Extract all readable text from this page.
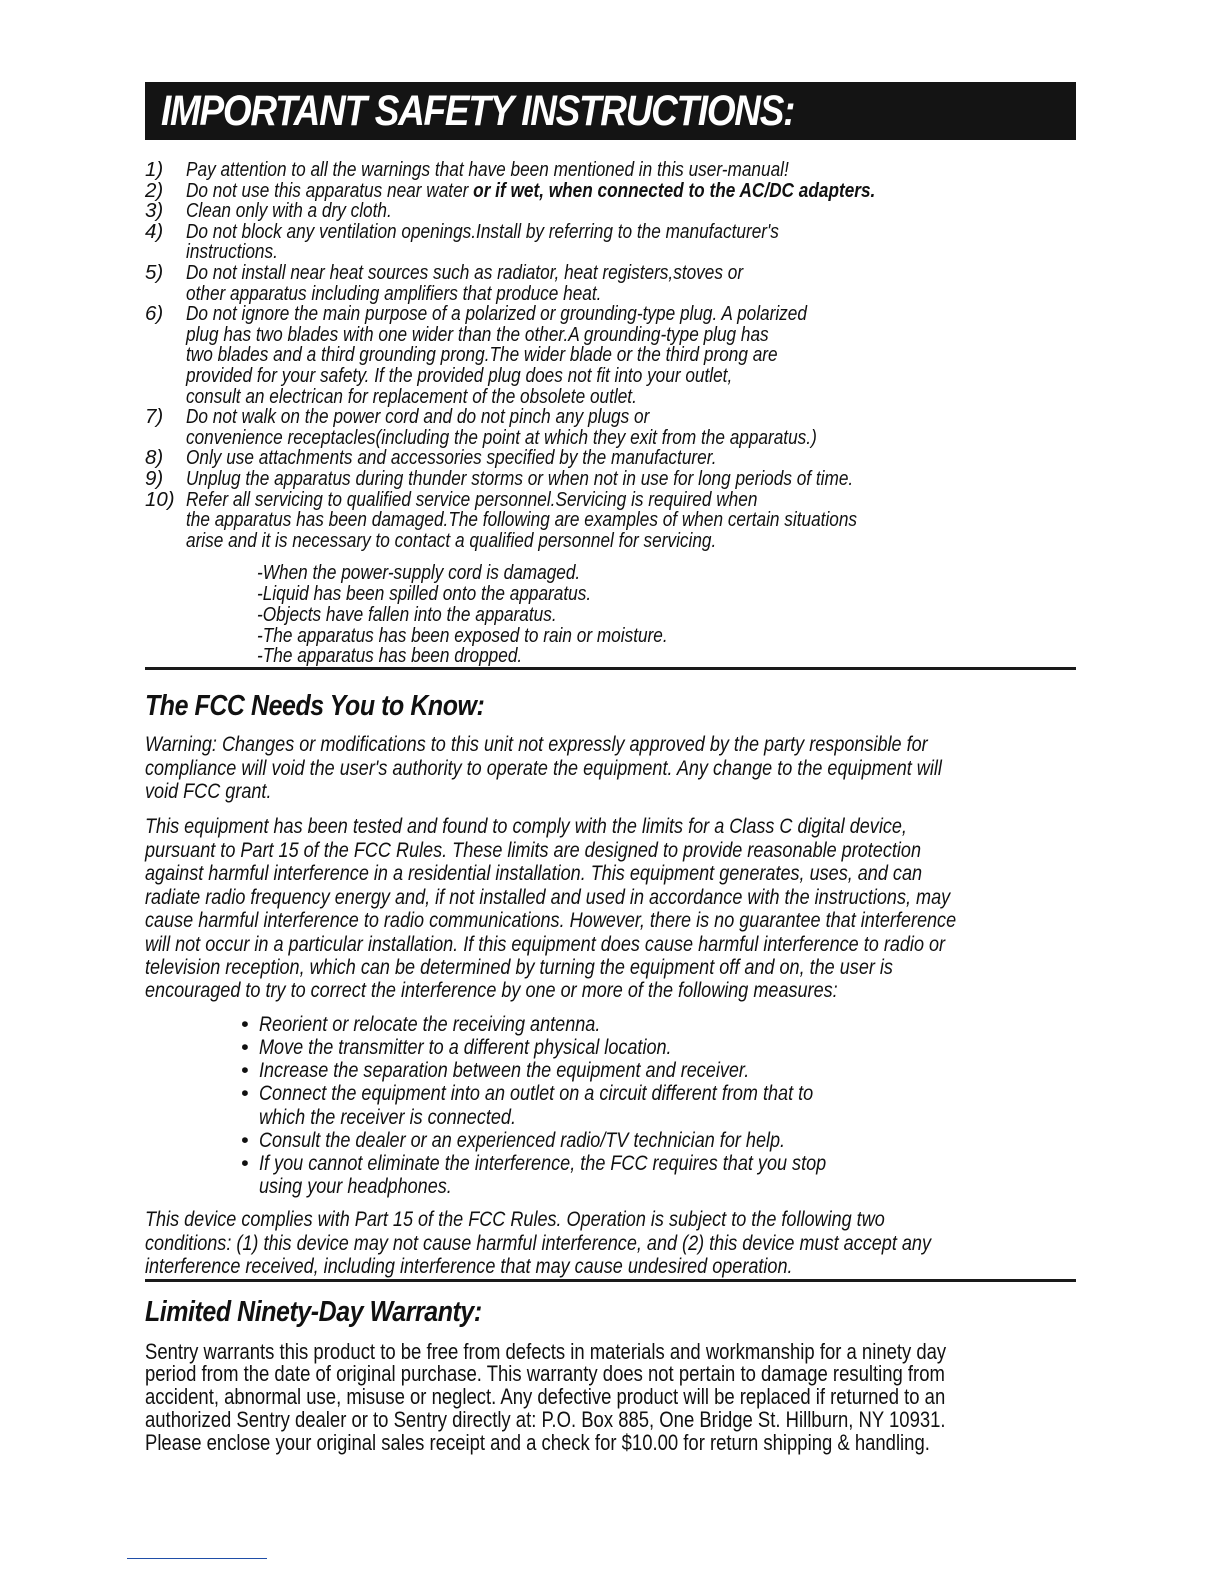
IMPORTANT SAFETY INSTRUCTIONS:
1)	Pay attention to all the warnings that have been mentioned in this user-manual!
2)	Do not use this apparatus near water or if wet, when connected to the AC/DC adapters.
3)	Clean only with a dry cloth.
4)	Do not block any ventilation openings.Install by referring to the manufacturer's
instructions.
5)	Do not install near heat sources such as radiator, heat registers,stoves or
other apparatus including amplifiers that produce heat.
6)	Do not ignore the main purpose of a polarized or grounding-type plug. A polarized
plug has two blades with one wider than the other.A grounding-type plug has
two blades and a third grounding prong.The wider blade or the third prong are
provided for your safety. If the provided plug does not fit into your outlet,
consult an electrican for replacement of the obsolete outlet.
7)	Do not walk on the power cord and do not pinch any plugs or
convenience receptacles(including the point at which they exit from the apparatus.)
8)	Only use attachments and accessories specified by the manufacturer.
9)	Unplug the apparatus during thunder storms or when not in use for long periods of time.
10) Refer all servicing to qualified service personnel.Servicing is required when
the apparatus has been damaged.The following are examples of when certain situations
arise and it is necessary to contact a qualified personnel for servicing.
-When the power-supply cord is damaged.
-Liquid has been spilled onto the apparatus.
-Objects have fallen into the apparatus.
-The apparatus has been exposed to rain or moisture.
-The apparatus has been dropped.
The FCC Needs You to Know:
Warning: Changes or modifications to this unit not expressly approved by the party responsible for
compliance will void the user's authority to operate the equipment. Any change to the equipment will
void FCC grant.
This equipment has been tested and found to comply with the limits for a Class C digital device,
pursuant to Part 15 of the FCC Rules. These limits are designed to provide reasonable protection
against harmful interference in a residential installation. This equipment generates, uses, and can
radiate radio frequency energy and, if not installed and used in accordance with the instructions, may
cause harmful interference to radio communications. However, there is no guarantee that interference
will not occur in a particular installation. If this equipment does cause harmful interference to radio or
television reception, which can be determined by turning the equipment off and on, the user is
encouraged to try to correct the interference by one or more of the following measures:
• Reorient or relocate the receiving antenna.
• Move the transmitter to a different physical location.
• Increase the separation between the equipment and receiver.
• Connect the equipment into an outlet on a circuit different from that to
which the receiver is connected.
• Consult the dealer or an experienced radio/TV technician for help.
• If you cannot eliminate the interference, the FCC requires that you stop
using your headphones.
This device complies with Part 15 of the FCC Rules. Operation is subject to the following two
conditions: (1) this device may not cause harmful interference, and (2) this device must accept any
interference received, including interference that may cause undesired operation.
Limited Ninety-Day Warranty:
Sentry warrants this product to be free from defects in materials and workmanship for a ninety day
period from the date of original purchase. This warranty does not pertain to damage resulting from
accident, abnormal use, misuse or neglect. Any defective product will be replaced if returned to an
authorized Sentry dealer or to Sentry directly at: P.O. Box 885, One Bridge St. Hillburn, NY 10931.
Please enclose your original sales receipt and a check for $10.00 for return shipping & handling.
